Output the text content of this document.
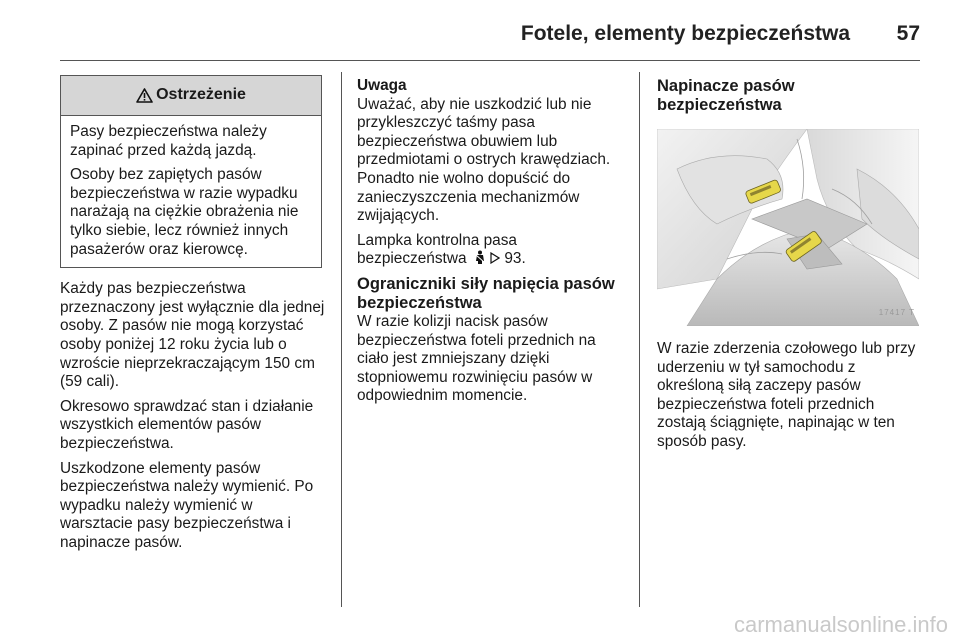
Fotele, elementy bezpieczeństwa 57
Ostrzeżenie

Pasy bezpieczeństwa należy zapinać przed każdą jazdą.

Osoby bez zapiętych pasów bezpieczeństwa w razie wypadku narażają na ciężkie obrażenia nie tylko siebie, lecz również innych pasażerów oraz kierowcę.

Każdy pas bezpieczeństwa przeznaczony jest wyłącznie dla jednej osoby. Z pasów nie mogą korzystać osoby poniżej 12 roku życia lub o wzroście nieprzekraczającym 150 cm (59 cali).

Okresowo sprawdzać stan i działanie wszystkich elementów pasów bezpieczeństwa.

Uszkodzone elementy pasów bezpieczeństwa należy wymienić. Po wypadku należy wymienić w warsztacie pasy bezpieczeństwa i napinacze pasów.

Uwaga

Uważać, aby nie uszkodzić lub nie przykleszczyć taśmy pasa bezpieczeństwa obuwiem lub przedmiotami o ostrych krawędziach. Ponadto nie wolno dopuścić do zanieczyszczenia mechanizmów zwijających.

Lampka kontrolna pasa bezpieczeństwa 93.

Ograniczniki siły napięcia pasów bezpieczeństwa

W razie kolizji nacisk pasów bezpieczeństwa foteli przednich na ciało jest zmniejszany dzięki stopniowemu rozwinięciu pasów w odpowiednim momencie.

Napinacze pasów bezpieczeństwa
17417 T

W razie zderzenia czołowego lub przy uderzeniu w tył samochodu z określoną siłą zaczepy pasów bezpieczeństwa foteli przednich zostają ściągnięte, napinając w ten sposób pasy.

carmanualsonline.info
